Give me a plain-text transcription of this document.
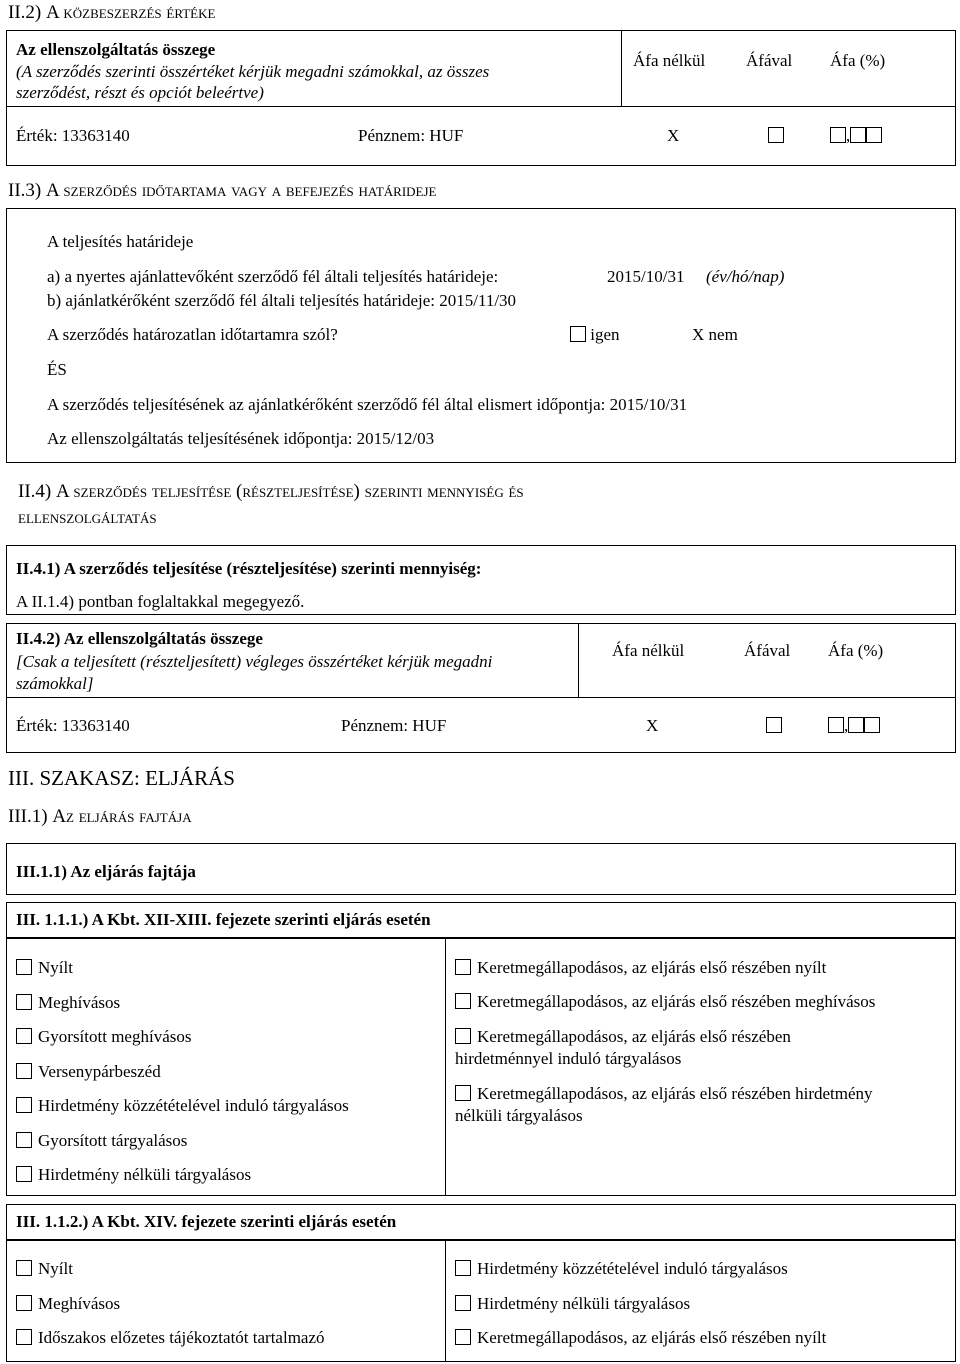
II.2) A közbeszerzés értéke
Az ellenszolgáltatás összege
(A szerződés szerinti összértéket kérjük megadni számokkal, az összes
szerződést, részt és opciót beleértve)
Áfa nélkül Áfával Áfa (%)
Érték: 13363140	Pénznem: HUF	X	,
II.3) A szerződés időtartama vagy a befejezés határideje
A teljesítés határideje
a) a nyertes ajánlattevőként szerződő fél általi teljesítés határideje:	2015/10/31 (év/hó/nap)
b) ajánlatkérőként szerződő fél általi teljesítés határideje: 2015/11/30
A szerződés határozatlan időtartamra szól?	igen	X nem
ÉS
A szerződés teljesítésének az ajánlatkérőként szerződő fél által elismert időpontja: 2015/10/31
Az ellenszolgáltatás teljesítésének időpontja: 2015/12/03
II.4) A szerződés teljesítése (részteljesítése) szerinti mennyiség és
ellenszolgáltatás
II.4.1) A szerződés teljesítése (részteljesítése) szerinti mennyiség:
A II.1.4) pontban foglaltakkal megegyező.
II.4.2) Az ellenszolgáltatás összege
[Csak a teljesített (részteljesített) végleges összértéket kérjük megadni
számokkal]
Áfa nélkül	Áfával Áfa (%)
Érték: 13363140	Pénznem: HUF	X	,
III. SZAKASZ: ELJÁRÁS
III.1) Az eljárás fajtája
III.1.1) Az eljárás fajtája
III. 1.1.1.) A Kbt. XII-XIII. fejezete szerinti eljárás esetén
Nyílt
Meghívásos
Gyorsított meghívásos
Versenypárbeszéd
Hirdetmény közzétételével induló tárgyalásos
Gyorsított tárgyalásos
Hirdetmény nélküli tárgyalásos
Keretmegállapodásos, az eljárás első részében nyílt
Keretmegállapodásos, az eljárás első részében meghívásos
Keretmegállapodásos, az eljárás első részében
hirdetménnyel induló tárgyalásos
Keretmegállapodásos, az eljárás első részében hirdetmény
nélküli tárgyalásos
III. 1.1.2.) A Kbt. XIV. fejezete szerinti eljárás esetén
Nyílt
Meghívásos
Időszakos előzetes tájékoztatót tartalmazó
Hirdetmény közzétételével induló tárgyalásos
Hirdetmény nélküli tárgyalásos
Keretmegállapodásos, az eljárás első részében nyílt
